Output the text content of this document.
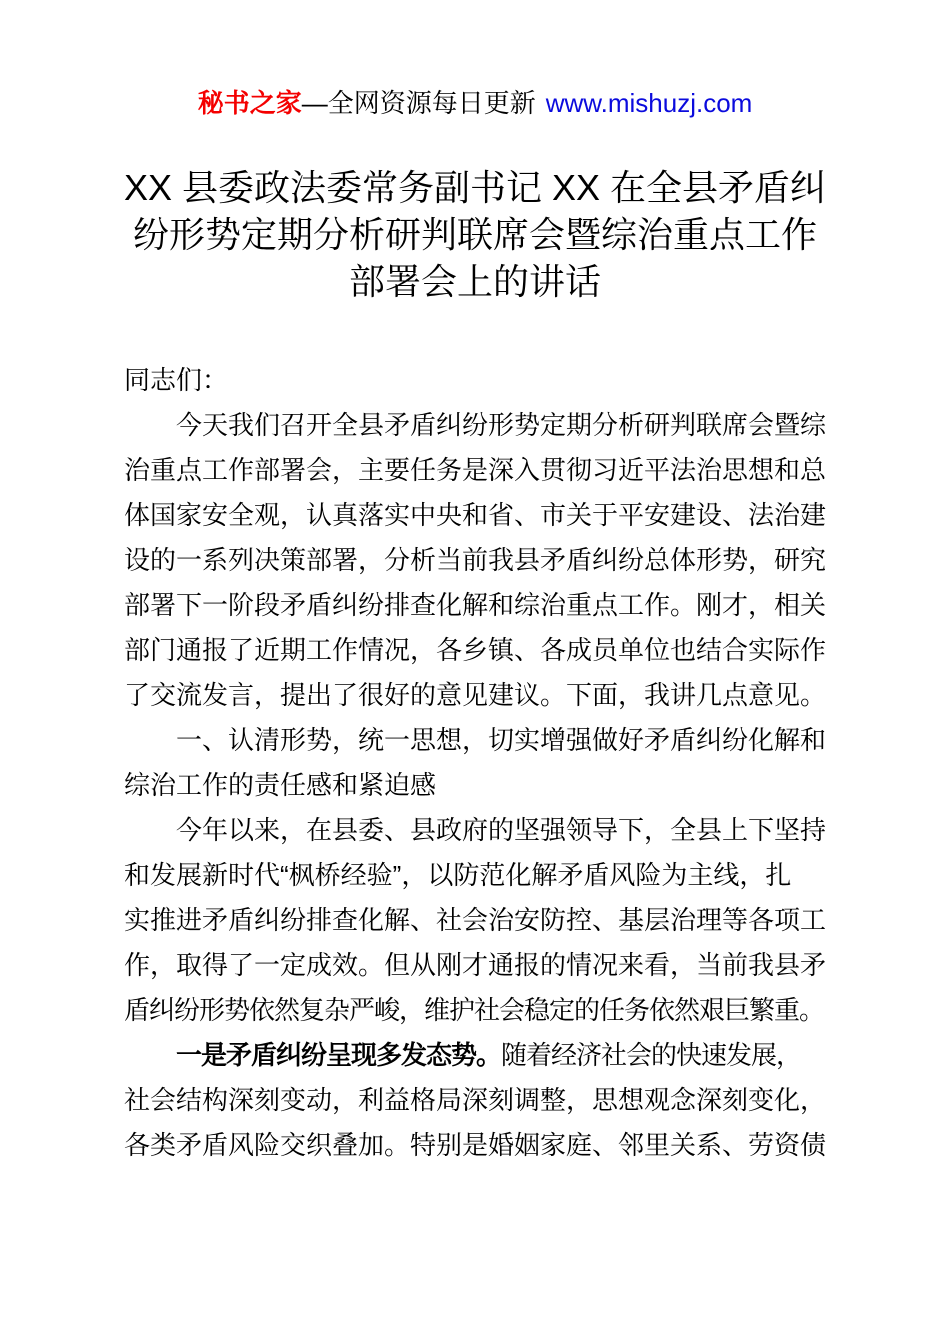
秘书之家—全网资源每日更新 www.mishuzj.com
XX 县委政法委常务副书记 XX 在全县矛盾纠
纷形势定期分析研判联席会暨综治重点工作
部署会上的讲话
同志们：
今天我们召开全县矛盾纠纷形势定期分析研判联席会暨综
治重点工作部署会，主要任务是深入贯彻习近平法治思想和总
体国家安全观，认真落实中央和省、市关于平安建设、法治建
设的一系列决策部署，分析当前我县矛盾纠纷总体形势，研究
部署下一阶段矛盾纠纷排查化解和综治重点工作。刚才，相关
部门通报了近期工作情况，各乡镇、各成员单位也结合实际作
了交流发言，提出了很好的意见建议。下面，我讲几点意见。
一、认清形势，统一思想，切实增强做好矛盾纠纷化解和
综治工作的责任感和紧迫感
今年以来，在县委、县政府的坚强领导下，全县上下坚持
和发展新时代“枫桥经验”，以防范化解矛盾风险为主线，扎
实推进矛盾纠纷排查化解、社会治安防控、基层治理等各项工
作，取得了一定成效。但从刚才通报的情况来看，当前我县矛
盾纠纷形势依然复杂严峻，维护社会稳定的任务依然艰巨繁重。
一是矛盾纠纷呈现多发态势。随着经济社会的快速发展，
社会结构深刻变动，利益格局深刻调整，思想观念深刻变化，
各类矛盾风险交织叠加。特别是婚姻家庭、邻里关系、劳资债
